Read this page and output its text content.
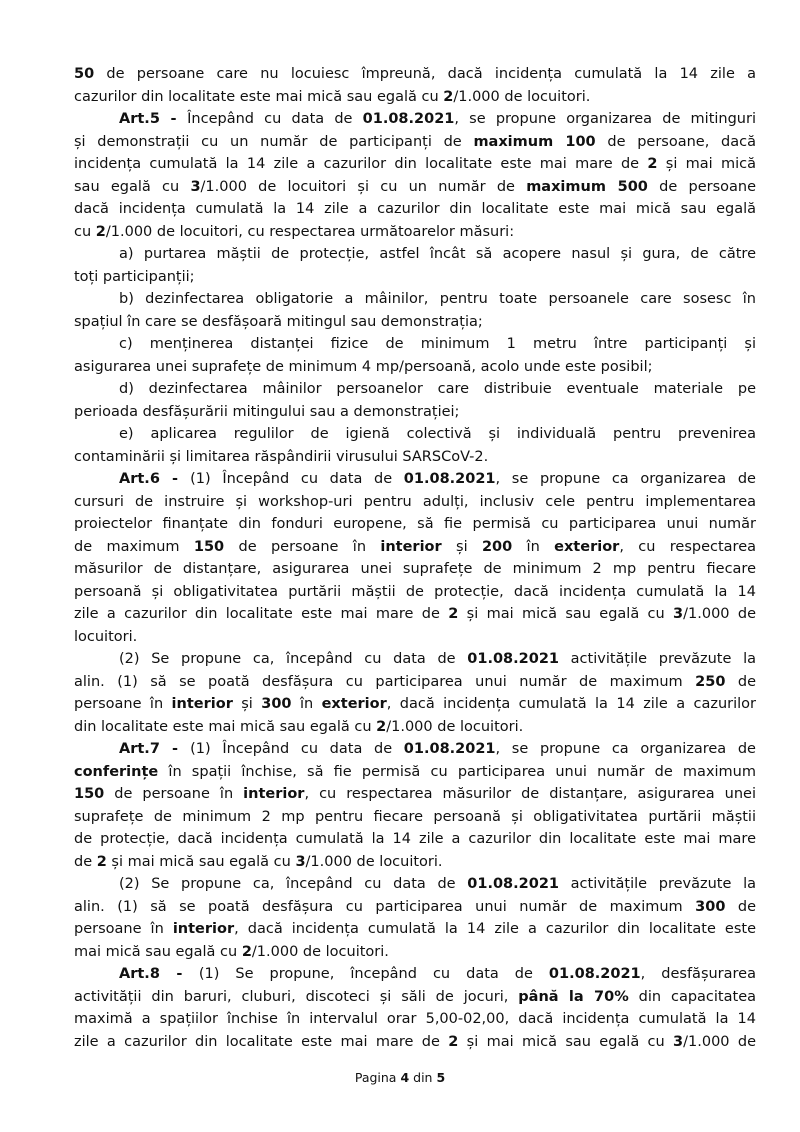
50 de persoane care nu locuiesc împreună, dacă incidența cumulată la 14 zile a
cazurilor din localitate este mai mică sau egală cu 2/1.000 de locuitori.
Art.5 - Începând cu data de 01.08.2021, se propune organizarea de mitinguri
și demonstrații cu un număr de participanți de maximum 100 de persoane, dacă
incidența cumulată la 14 zile a cazurilor din localitate este mai mare de 2 și mai mică
sau egală cu 3/1.000 de locuitori și cu un număr de maximum 500 de persoane
dacă incidența cumulată la 14 zile a cazurilor din localitate este mai mică sau egală
cu 2/1.000 de locuitori, cu respectarea următoarelor măsuri:
a) purtarea măștii de protecție, astfel încât să acopere nasul și gura, de către
toți participanții;
b) dezinfectarea obligatorie a mâinilor, pentru toate persoanele care sosesc în
spațiul în care se desfășoară mitingul sau demonstrația;
c) menținerea distanței fizice de minimum 1 metru între participanți și
asigurarea unei suprafețe de minimum 4 mp/persoană, acolo unde este posibil;
d) dezinfectarea mâinilor persoanelor care distribuie eventuale materiale pe
perioada desfășurării mitingului sau a demonstrației;
e) aplicarea regulilor de igienă colectivă și individuală pentru prevenirea
contaminării și limitarea răspândirii virusului SARSCoV-2.
Art.6 - (1) Începând cu data de 01.08.2021, se propune ca organizarea de
cursuri de instruire și workshop-uri pentru adulți, inclusiv cele pentru implementarea
proiectelor finanțate din fonduri europene, să fie permisă cu participarea unui număr
de maximum 150 de persoane în interior și 200 în exterior, cu respectarea
măsurilor de distanțare, asigurarea unei suprafețe de minimum 2 mp pentru fiecare
persoană și obligativitatea purtării măștii de protecție, dacă incidența cumulată la 14
zile a cazurilor din localitate este mai mare de 2 și mai mică sau egală cu 3/1.000 de
locuitori.
(2) Se propune ca, începând cu data de 01.08.2021 activitățile prevăzute la
alin. (1) să se poată desfășura cu participarea unui număr de maximum 250 de
persoane în interior și 300 în exterior, dacă incidența cumulată la 14 zile a cazurilor
din localitate este mai mică sau egală cu 2/1.000 de locuitori.
Art.7 - (1) Începând cu data de 01.08.2021, se propune ca organizarea de
conferințe în spații închise, să fie permisă cu participarea unui număr de maximum
150 de persoane în interior, cu respectarea măsurilor de distanțare, asigurarea unei
suprafețe de minimum 2 mp pentru fiecare persoană și obligativitatea purtării măștii
de protecție, dacă incidența cumulată la 14 zile a cazurilor din localitate este mai mare
de 2 și mai mică sau egală cu 3/1.000 de locuitori.
(2) Se propune ca, începând cu data de 01.08.2021 activitățile prevăzute la
alin. (1) să se poată desfășura cu participarea unui număr de maximum 300 de
persoane în interior, dacă incidența cumulată la 14 zile a cazurilor din localitate este
mai mică sau egală cu 2/1.000 de locuitori.
Art.8 - (1) Se propune, începând cu data de 01.08.2021, desfășurarea
activității din baruri, cluburi, discoteci și săli de jocuri, până la 70% din capacitatea
maximă a spațiilor închise în intervalul orar 5,00-02,00, dacă incidența cumulată la 14
zile a cazurilor din localitate este mai mare de 2 și mai mică sau egală cu 3/1.000 de
Pagina 4 din 5
